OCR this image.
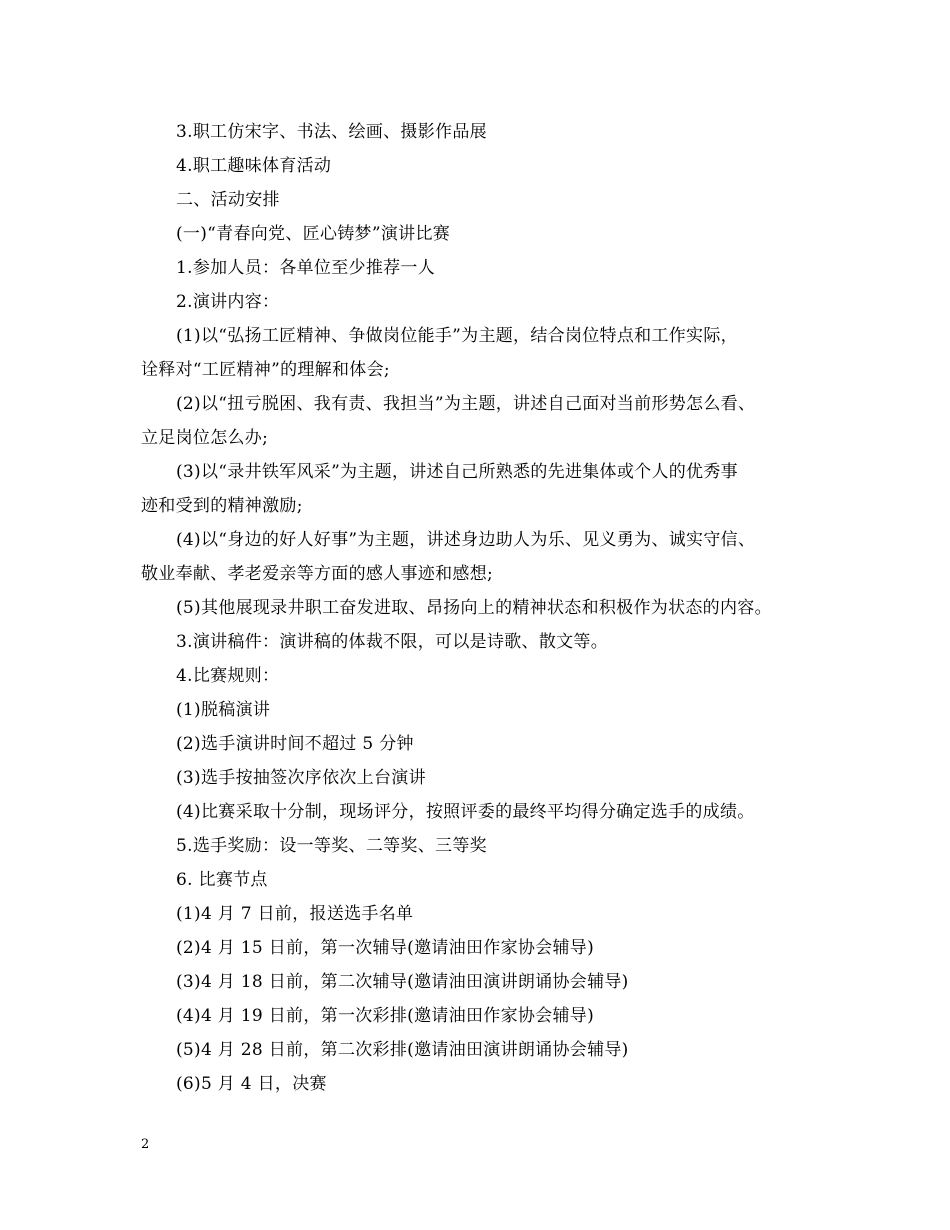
3.职工仿宋字、书法、绘画、摄影作品展
4.职工趣味体育活动
二、活动安排
(一)“青春向党、匠心铸梦”演讲比赛
1.参加人员：各单位至少推荐一人
2.演讲内容：
(1)以“弘扬工匠精神、争做岗位能手”为主题，结合岗位特点和工作实际，
诠释对“工匠精神”的理解和体会;
(2)以“扭亏脱困、我有责、我担当”为主题，讲述自己面对当前形势怎么看、
立足岗位怎么办;
(3)以“录井铁军风采”为主题，讲述自己所熟悉的先进集体或个人的优秀事
迹和受到的精神激励;
(4)以“身边的好人好事”为主题，讲述身边助人为乐、见义勇为、诚实守信、
敬业奉献、孝老爱亲等方面的感人事迹和感想;
(5)其他展现录井职工奋发进取、昂扬向上的精神状态和积极作为状态的内容。
3.演讲稿件：演讲稿的体裁不限，可以是诗歌、散文等。
4.比赛规则：
(1)脱稿演讲
(2)选手演讲时间不超过 5 分钟
(3)选手按抽签次序依次上台演讲
(4)比赛采取十分制，现场评分，按照评委的最终平均得分确定选手的成绩。
5.选手奖励：设一等奖、二等奖、三等奖
6. 比赛节点
(1)4 月 7 日前，报送选手名单
(2)4 月 15 日前，第一次辅导(邀请油田作家协会辅导)
(3)4 月 18 日前，第二次辅导(邀请油田演讲朗诵协会辅导)
(4)4 月 19 日前，第一次彩排(邀请油田作家协会辅导)
(5)4 月 28 日前，第二次彩排(邀请油田演讲朗诵协会辅导)
(6)5 月 4 日，决赛
2
